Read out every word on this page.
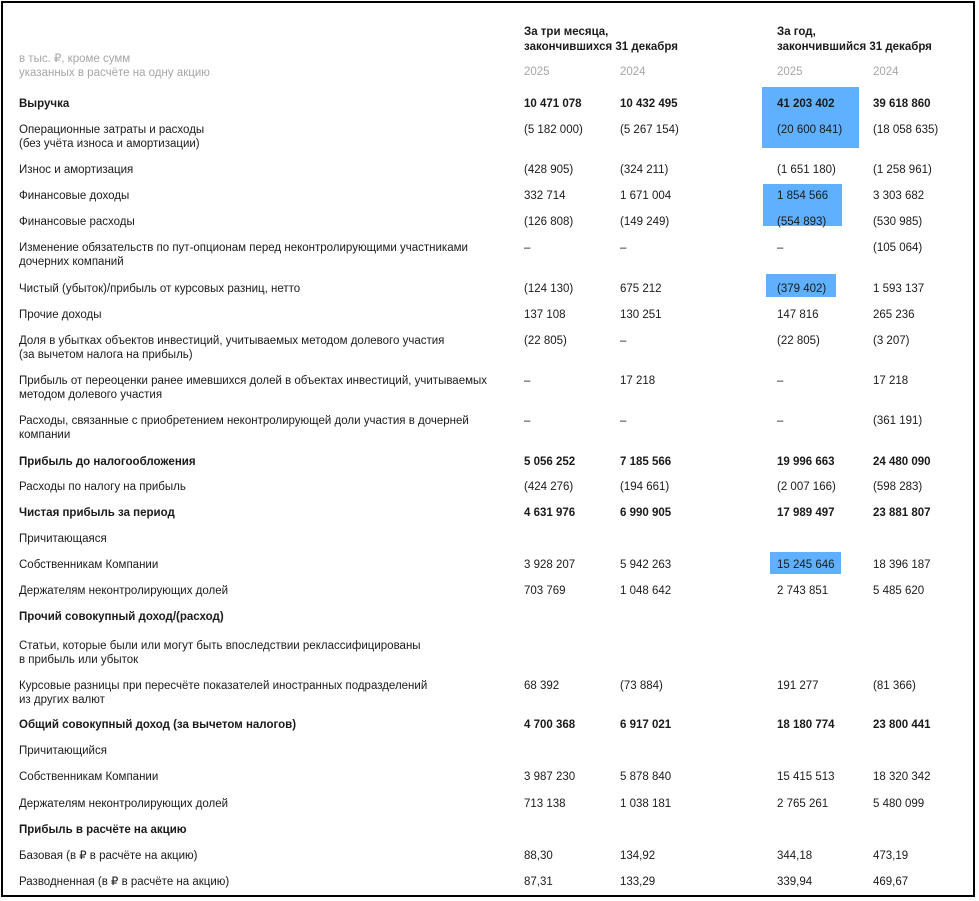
в тыс. ₽, кроме сумм
указанных в расчёте на одну акцию
За три месяца,
закончившихся 31 декабря
За год,
закончившийся 31 декабря
2025	2024	2025	2024
Выручка	10 471 078	10 432 495	41 203 402	39 618 860
Операционные затраты и расходы
(без учёта износа и амортизации)
(5 182 000)	(5 267 154)	(20 600 841)	(18 058 635)
Износ и амортизация	(428 905)	(324 211)	(1 651 180)	(1 258 961)
Финансовые доходы	332 714	1 671 004	1 854 566	3 303 682
Финансовые расходы	(126 808)	(149 249)	(554 893)	(530 985)
Изменение обязательств по пут-опционам перед неконтролирующими участниками
дочерних компаний
–	–	–	(105 064)
Чистый (убыток)/прибыль от курсовых разниц, нетто	(124 130)	675 212	(379 402)	1 593 137
Прочие доходы	137 108	130 251	147 816	265 236
Доля в убытках объектов инвестиций, учитываемых методом долевого участия
(за вычетом налога на прибыль)
(22 805)	–	(22 805)	(3 207)
Прибыль от переоценки ранее имевшихся долей в объектах инвестиций, учитываемых
методом долевого участия
–	17 218	–	17 218
Расходы, связанные с приобретением неконтролирующей доли участия в дочерней
компании
–	–	–	(361 191)
Прибыль до налогообложения	5 056 252	7 185 566	19 996 663	24 480 090
Расходы по налогу на прибыль	(424 276)	(194 661)	(2 007 166)	(598 283)
Чистая прибыль за период	4 631 976	6 990 905	17 989 497	23 881 807
Причитающаяся
Собственникам Компании	3 928 207	5 942 263	15 245 646	18 396 187
Держателям неконтролирующих долей	703 769	1 048 642	2 743 851	5 485 620
Прочий совокупный доход/(расход)
Статьи, которые были или могут быть впоследствии реклассифицированы
в прибыль или убыток
Курсовые разницы при пересчёте показателей иностранных подразделений
из других валют
68 392	(73 884)	191 277	(81 366)
Общий совокупный доход (за вычетом налогов)	4 700 368	6 917 021	18 180 774	23 800 441
Причитающийся
Собственникам Компании	3 987 230	5 878 840	15 415 513	18 320 342
Держателям неконтролирующих долей	713 138	1 038 181	2 765 261	5 480 099
Прибыль в расчёте на акцию
Базовая (в ₽ в расчёте на акцию)	88,30	134,92	344,18	473,19
Разводненная (в ₽ в расчёте на акцию)	87,31	133,29	339,94	469,67
